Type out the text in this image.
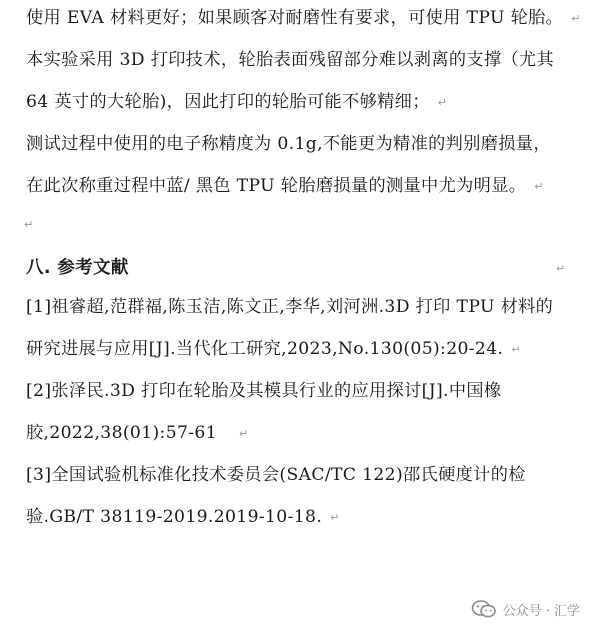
使用 EVA 材料更好；如果顾客对耐磨性有要求，可使用 TPU 轮胎。 ↵
本实验采用 3D 打印技术，轮胎表面残留部分难以剥离的支撑（尤其
64 英寸的大轮胎)，因此打印的轮胎可能不够精细； ↵
测试过程中使用的电子称精度为 0.1g,不能更为精准的判别磨损量，
在此次称重过程中蓝/ 黑色 TPU 轮胎磨损量的测量中尤为明显。 ↵
↵
八. 参考文献	↵
[1]祖睿超,范群福,陈玉洁,陈文正,李华,刘河洲.3D 打印 TPU 材料的
研究进展与应用[J].当代化工研究,2023,No.130(05):20-24. ↵
[2]张泽民.3D 打印在轮胎及其模具行业的应用探讨[J].中国橡
胶,2022,38(01):57-61 ↵
[3]全国试验机标准化技术委员会(SAC/TC 122)邵氏硬度计的检
验.GB/T 38119-2019.2019-10-18. ↵
公众号 · 汇学
